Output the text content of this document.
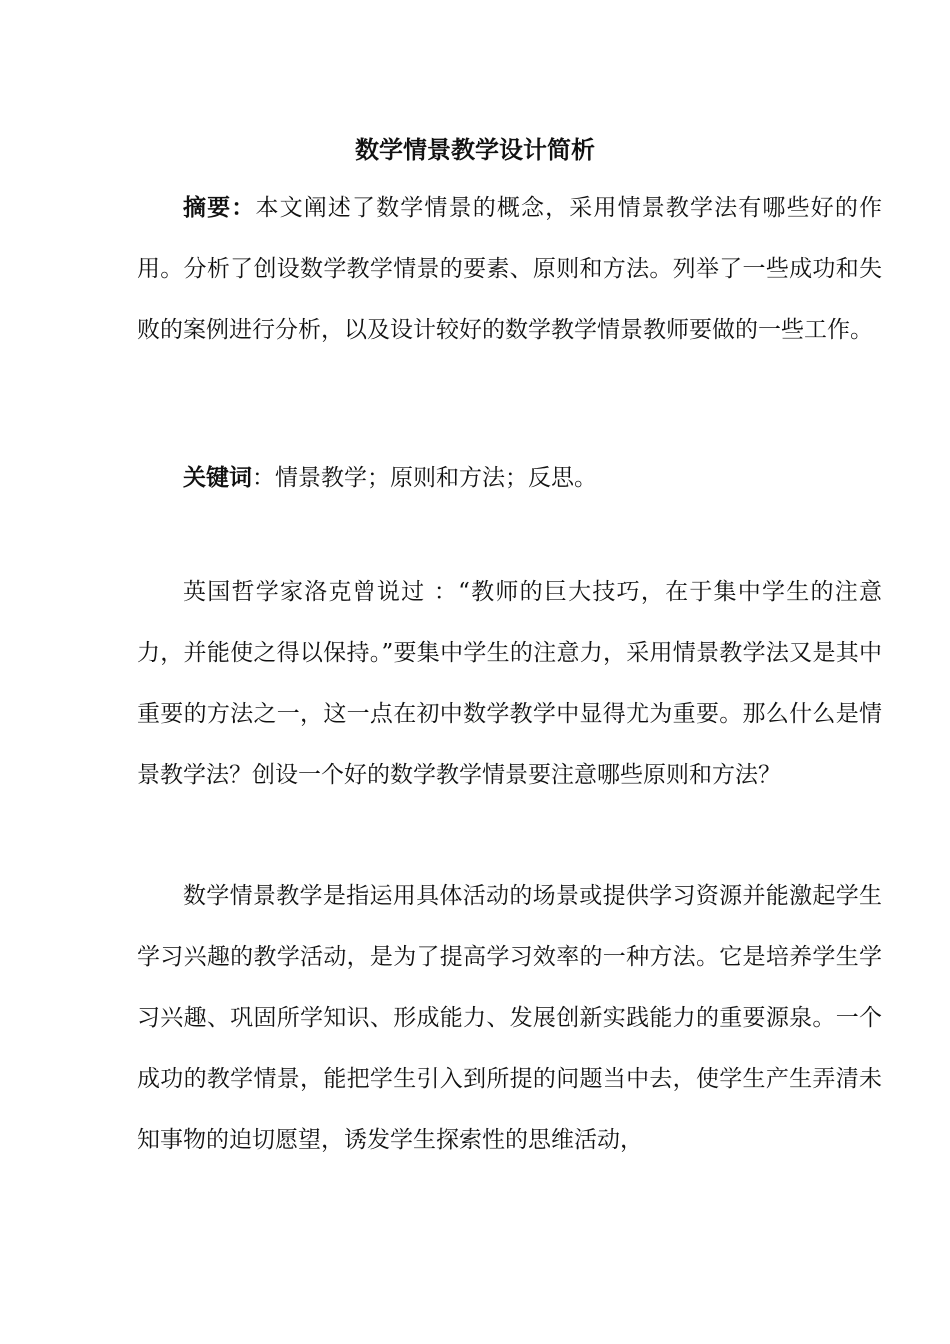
数学情景教学设计简析

摘要：本文阐述了数学情景的概念，采用情景教学法有哪些好的作用。分析了创设数学教学情景的要素、原则和方法。列举了一些成功和失败的案例进行分析，以及设计较好的数学教学情景教师要做的一些工作。

关键词：情景教学；原则和方法；反思。

英国哲学家洛克曾说过 ：“教师的巨大技巧，在于集中学生的注意力，并能使之得以保持。”要集中学生的注意力，采用情景教学法又是其中重要的方法之一，这一点在初中数学教学中显得尤为重要。那么什么是情景教学法？创设一个好的数学教学情景要注意哪些原则和方法？

数学情景教学是指运用具体活动的场景或提供学习资源并能激起学生学习兴趣的教学活动，是为了提高学习效率的一种方法。它是培养学生学习兴趣、巩固所学知识、形成能力、发展创新实践能力的重要源泉。一个成功的教学情景，能把学生引入到所提的问题当中去，使学生产生弄清未知事物的迫切愿望，诱发学生探索性的思维活动，
